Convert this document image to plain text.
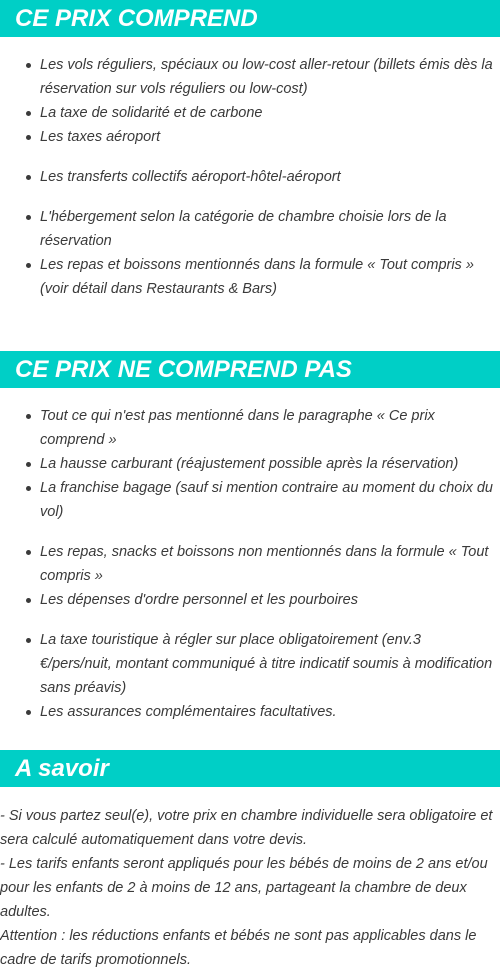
CE PRIX COMPREND
Les vols réguliers, spéciaux ou low-cost aller-retour (billets émis dès la réservation sur vols réguliers ou low-cost)
La taxe de solidarité et de carbone
Les taxes aéroport
Les transferts collectifs aéroport-hôtel-aéroport
L'hébergement selon la catégorie de chambre choisie lors de la réservation
Les repas et boissons mentionnés dans la formule « Tout compris » (voir détail dans Restaurants & Bars)
CE PRIX NE COMPREND PAS
Tout ce qui n'est pas mentionné dans le paragraphe « Ce prix comprend »
La hausse carburant (réajustement possible après la réservation)
La franchise bagage (sauf si mention contraire au moment du choix du vol)
Les repas, snacks et boissons non mentionnés dans la formule « Tout compris »
Les dépenses d'ordre personnel et les pourboires
La taxe touristique à régler sur place obligatoirement (env.3 €/pers/nuit, montant communiqué à titre indicatif soumis à modification sans préavis)
Les assurances complémentaires facultatives.
A savoir

- Si vous partez seul(e), votre prix en chambre individuelle sera obligatoire et sera calculé automatiquement dans votre devis.

- Les tarifs enfants seront appliqués pour les bébés de moins de 2 ans et/ou pour les enfants de 2 à moins de 12 ans, partageant la chambre de deux adultes.

Attention : les réductions enfants et bébés ne sont pas applicables dans le cadre de tarifs promotionnels.
